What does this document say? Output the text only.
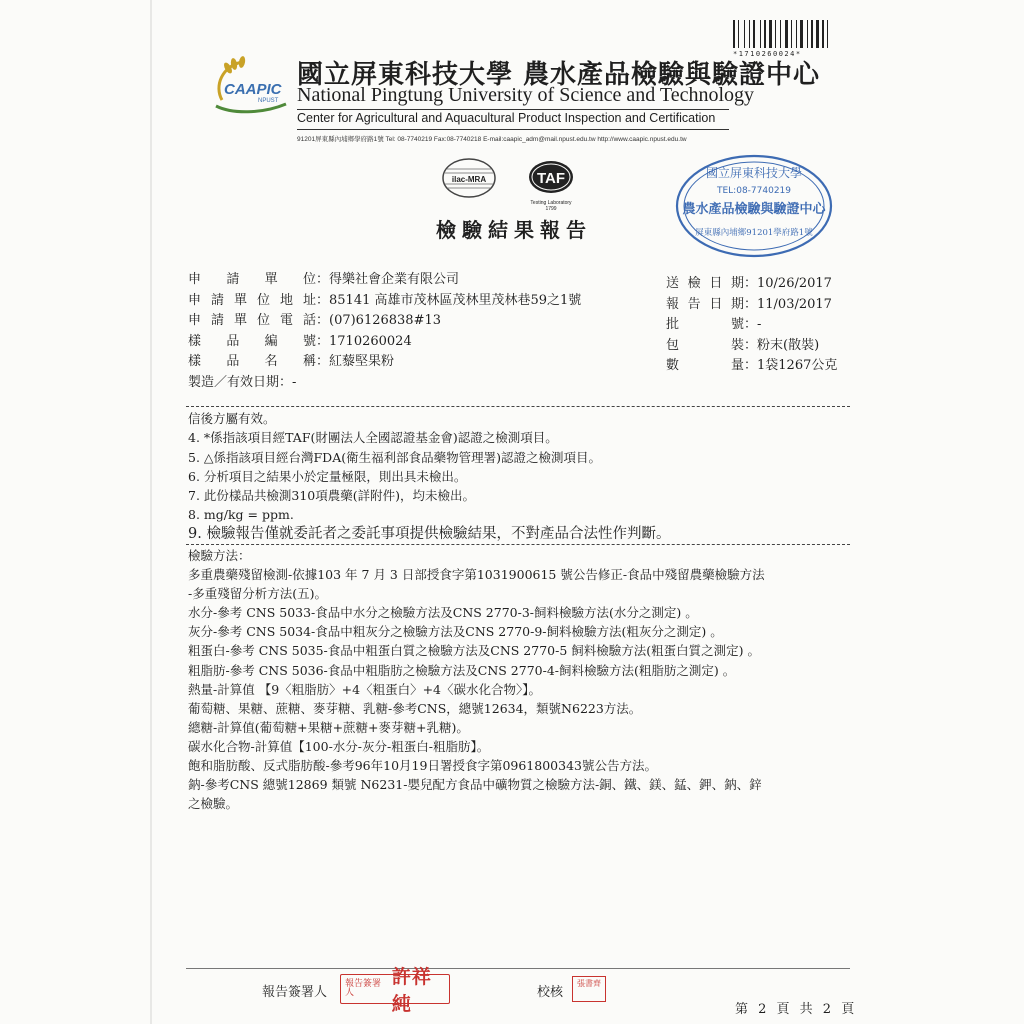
*1710260024*
CAAPIC
NPUST
國立屏東科技大學 農水產品檢驗與驗證中心
National Pingtung University of Science and Technology
Center for Agricultural and Aquacultural Product Inspection and Certification
91201屏東縣內埔鄉學府路1號 Tel: 08-7740219 Fax:08-7740218 E-mail:caapic_adm@mail.npust.edu.tw http://www.caapic.npust.edu.tw
ilac-MRA	TAF
Testing Laboratory
1799
檢驗結果報告
國立屏東科技大學
TEL:08-7740219
農水產品檢驗與驗證中心
屏東縣內埔鄉91201學府路1號
申請單位：得樂社會企業有限公司
申請單位地址：85141 高雄市茂林區茂林里茂林巷59之1號
申請單位電話：(07)6126838#13
樣品編號：1710260024
樣品名稱：紅藜堅果粉
製造／有效日期：-
送檢日期：10/26/2017
報告日期：11/03/2017
批號：-
包裝：粉末(散裝)
數量：1袋1267公克
信後方屬有效。
4. *係指該項目經TAF(財團法人全國認證基金會)認證之檢測項目。
5. △係指該項目經台灣FDA(衛生福利部食品藥物管理署)認證之檢測項目。
6. 分析項目之結果小於定量極限，則出具未檢出。
7. 此份樣品共檢測310項農藥(詳附件)，均未檢出。
8. mg/kg = ppm.
9. 檢驗報告僅就委託者之委託事項提供檢驗結果，不對產品合法性作判斷。
檢驗方法：
多重農藥殘留檢測-依據103 年 7 月 3 日部授食字第1031900615 號公告修正-食品中殘留農藥檢驗方法
-多重殘留分析方法(五)。
水分-參考 CNS 5033-食品中水分之檢驗方法及CNS 2770-3-飼料檢驗方法(水分之測定) 。
灰分-參考 CNS 5034-食品中粗灰分之檢驗方法及CNS 2770-9-飼料檢驗方法(粗灰分之測定) 。
粗蛋白-參考 CNS 5035-食品中粗蛋白質之檢驗方法及CNS 2770-5 飼料檢驗方法(粗蛋白質之測定) 。
粗脂肪-參考 CNS 5036-食品中粗脂肪之檢驗方法及CNS 2770-4-飼料檢驗方法(粗脂肪之測定) 。
熱量-計算值 【9〈粗脂肪〉+4〈粗蛋白〉+4〈碳水化合物〉】。
葡萄糖、果糖、蔗糖、麥芽糖、乳糖-參考CNS，總號12634，類號N6223方法。
總糖-計算值(葡萄糖+果糖+蔗糖+麥芽糖+乳糖)。
碳水化合物-計算值【100-水分-灰分-粗蛋白-粗脂肪】。
飽和脂肪酸、反式脂肪酸-參考96年10月19日署授食字第0961800343號公告方法。
鈉-參考CNS 總號12869 類號 N6231-嬰兒配方食品中礦物質之檢驗方法-銅、鐵、鎂、錳、鉀、鈉、鋅
之檢驗。
報告簽署人
報告簽署人
許祥純
校核
張書齊
第 2 頁 共 2 頁
